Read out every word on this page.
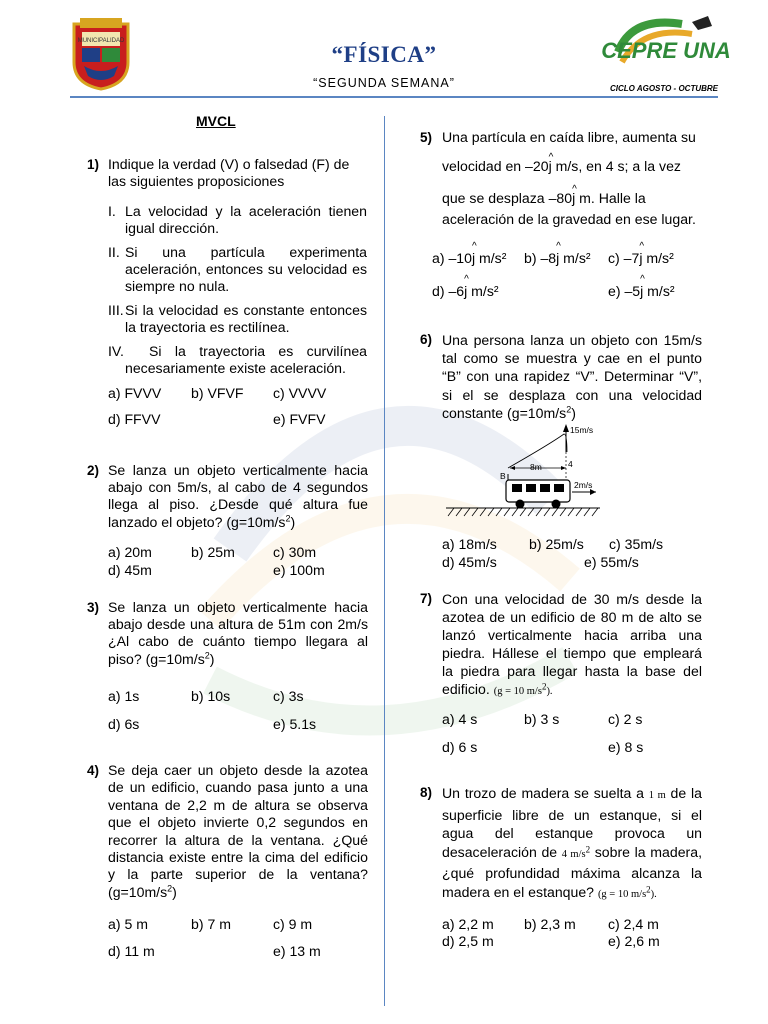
MUNICIPALIDAD
“FÍSICA”
“SEGUNDA SEMANA”
CEPRE UNA
CICLO AGOSTO - OCTUBRE
MVCL
1) Indique la verdad (V) o falsedad (F) de las siguientes proposiciones
I. La velocidad y la aceleración tienen igual dirección.
II. Si una partícula experimenta aceleración, entonces su velocidad es siempre no nula.
III. Si la velocidad es constante entonces la trayectoria es rectilínea.
IV.	Si la trayectoria es curvilínea necesariamente existe aceleración.
a) FVVV b) VFVF c) VVVV
d) FFVV	e) FVFV
2) Se lanza un objeto verticalmente hacia abajo con 5m/s, al cabo de 4 segundos llega al piso. ¿Desde qué altura fue lanzado el objeto? $(g=10m/s^2)$
a) 20m	b) 25m	c) 30m
d) 45m	e) 100m
3) Se lanza un objeto verticalmente hacia abajo desde una altura de 51m con 2m/s ¿Al cabo de cuánto tiempo llegara al piso? $(g=10m/s^2)$
a) 1s	b) 10s	c) 3s
d) 6s	e) 5.1s
4) Se deja caer un objeto desde la azotea de un edificio, cuando pasa junto a una ventana de 2,2 m de altura se observa que el objeto invierte 0,2 segundos en recorrer la altura de la ventana. ¿Qué distancia existe entre la cima del edificio y la parte superior de la ventana? $(g=10m/s^2)$
a) 5 m	b) 7 m	c) 9 m
d) 11 m	e) 13 m
5) Una partícula en caída libre, aumenta su
velocidad en –20^ j m/s, en 4 s; a la vez
que se desplaza –80^ j m. Halle la
aceleración de la gravedad en ese lugar.
a) –10^ j m/s² b) –8^ j m/s² c) –7^ j m/s²
d) –6^ j m/s²	e) –5^ j m/s²
6) Una persona lanza un objeto con 15m/s tal como se muestra y cae en el punto “B” con una rapidez “V”. Determinar “V”, si el se desplaza con una velocidad constante $(g=10m/s^2)$
15m/s
8m	4
B
2m/s
a) 18m/s b) 25m/s c) 35m/s
d) 45m/s	e) 55m/s
7) Con una velocidad de 30 m/s desde la azotea de un edificio de 80 m de alto se lanzó verticalmente hacia arriba una piedra. Hállese el tiempo que empleará la piedra para llegar hasta la base del edificio. (g = 10 $m/s^2$).
a) 4 s	b) 3 s	c) 2 s
d) 6 s	e) 8 s
8) Un trozo de madera se suelta a 1 m de la superficie libre de un estanque, si el agua del estanque provoca un desaceleración de 4 $m/s^2$ sobre la madera, ¿qué profundidad máxima alcanza la madera en el estanque? (g = 10 $m/s^2$).
a) 2,2 m b) 2,3 m c) 2,4 m
d) 2,5 m	e) 2,6 m
